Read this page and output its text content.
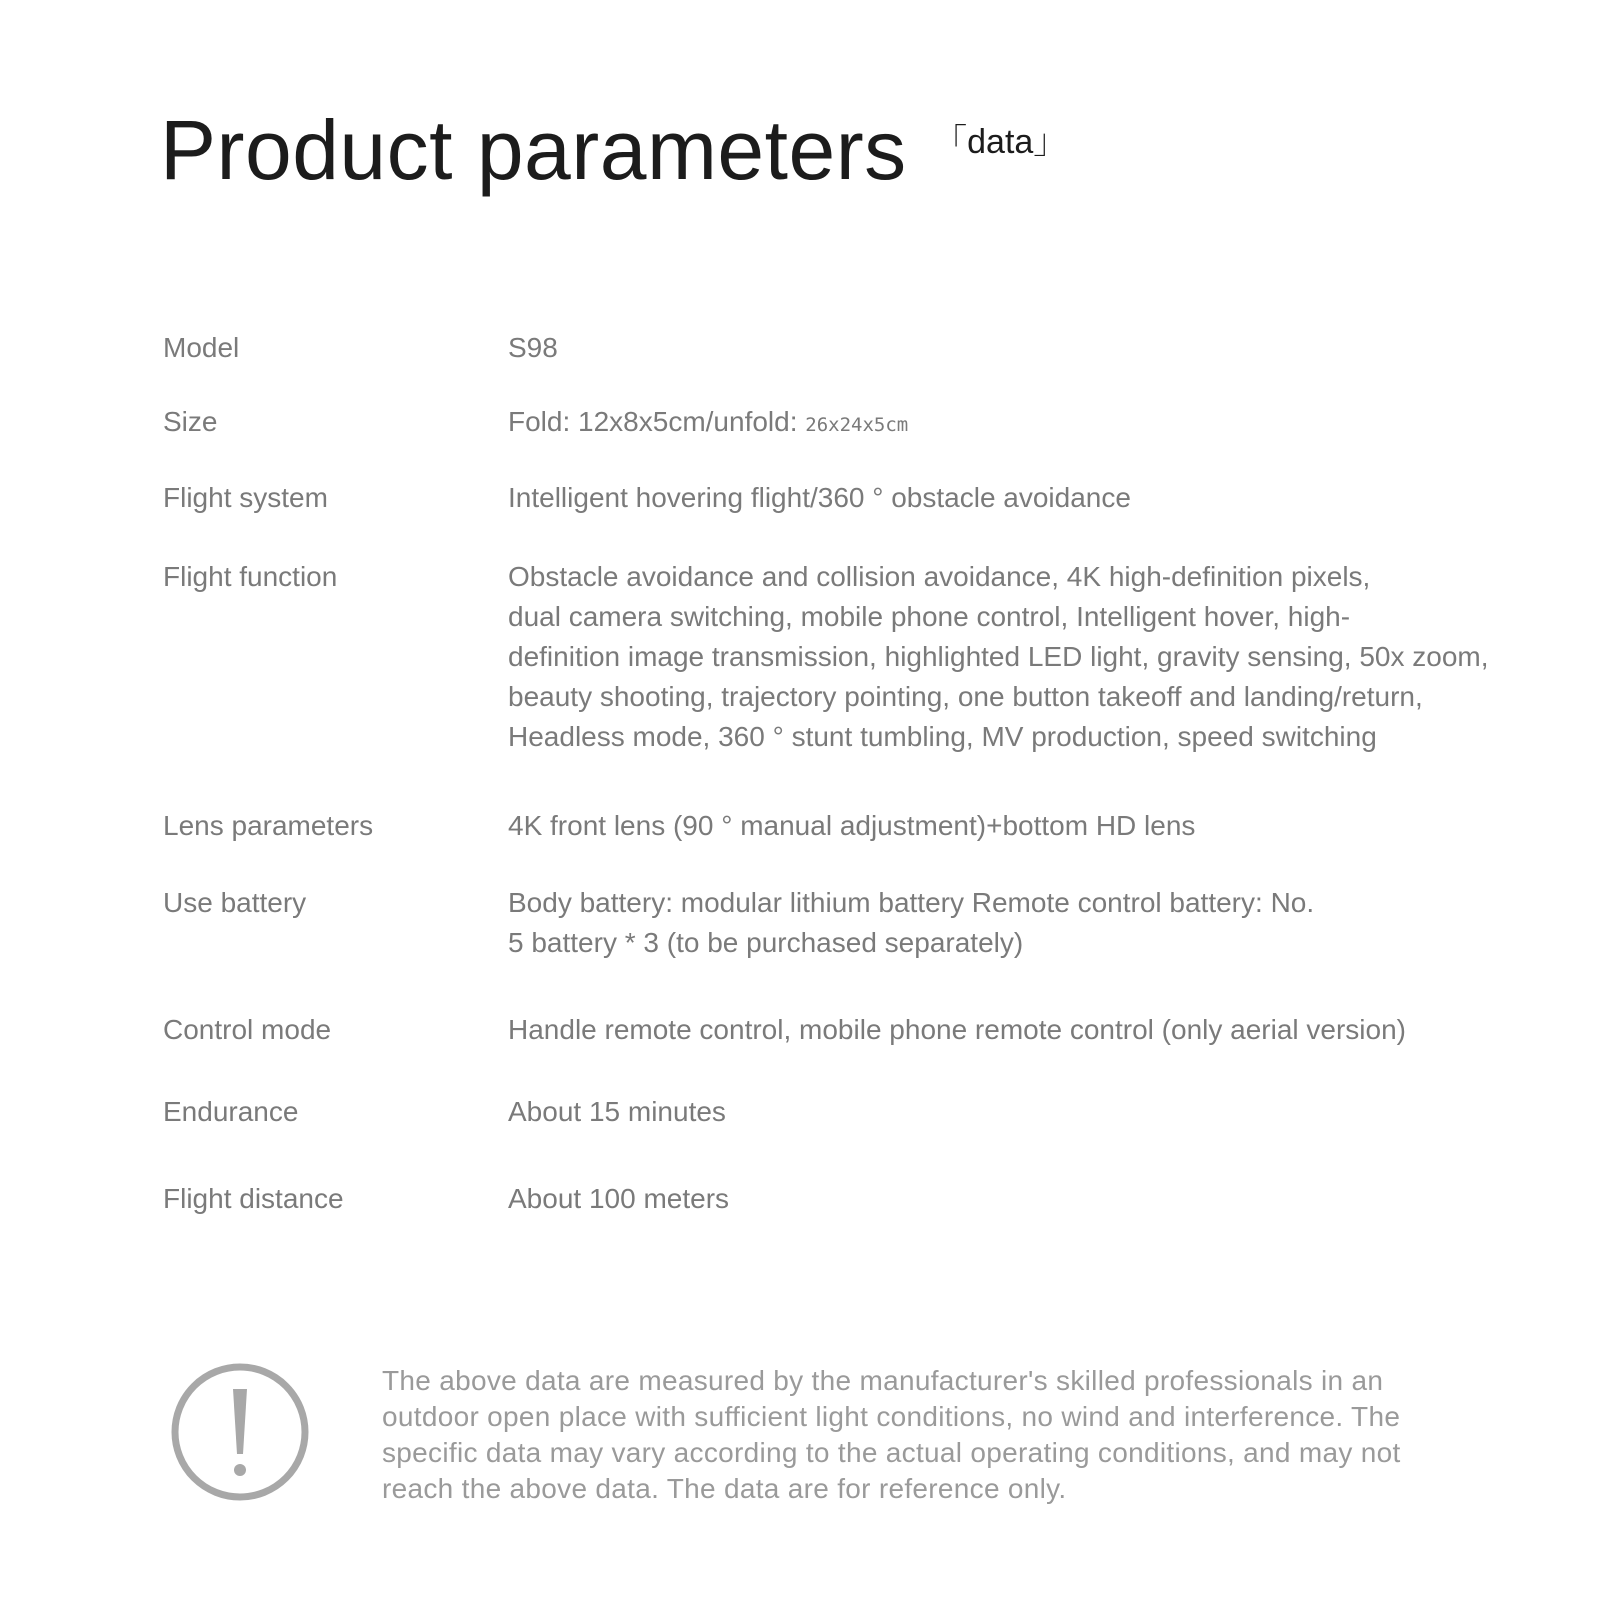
Product parameters 「data」
Model	S98
Size	Fold: 12x8x5cm/unfold: 26x24x5cm
Flight system	Intelligent hovering flight/360 ° obstacle avoidance
Flight function	Obstacle avoidance and collision avoidance, 4K high-definition pixels,
dual camera switching, mobile phone control, Intelligent hover, high-
definition image transmission, highlighted LED light, gravity sensing, 50x zoom,
beauty shooting, trajectory pointing, one button takeoff and landing/return,
Headless mode, 360 ° stunt tumbling, MV production, speed switching
Lens parameters	4K front lens (90 ° manual adjustment)+bottom HD lens
Use battery	Body battery: modular lithium battery Remote control battery: No.
5 battery * 3 (to be purchased separately)
Control mode	Handle remote control, mobile phone remote control (only aerial version)
Endurance	About 15 minutes
Flight distance	About 100 meters
The above data are measured by the manufacturer's skilled professionals in an
outdoor open place with sufficient light conditions, no wind and interference. The
specific data may vary according to the actual operating conditions, and may not
reach the above data. The data are for reference only.
